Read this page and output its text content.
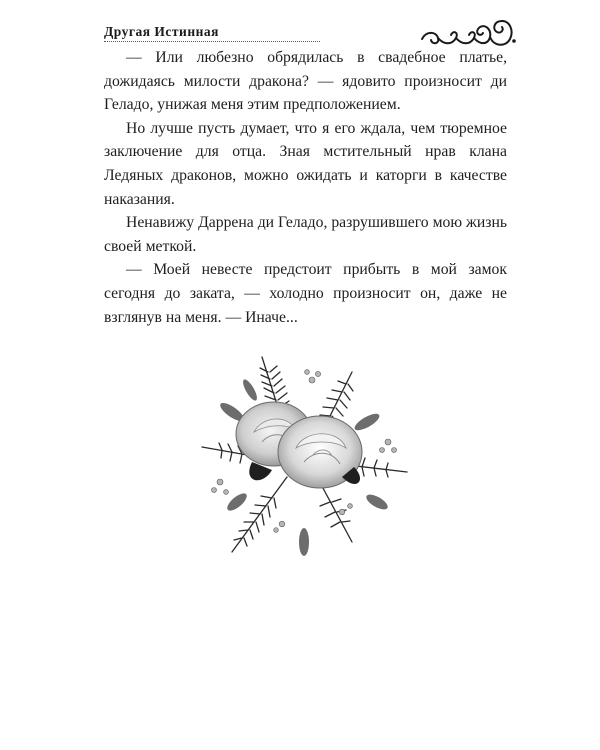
Другая Истинная

— Или любезно обрядилась в свадебное платье, дожидаясь милости дракона? — ядовито произносит ди Геладо, унижая меня этим предположением.

Но лучше пусть думает, что я его ждала, чем тюремное заключение для отца. Зная мстительный нрав клана Ледяных драконов, можно ожидать и каторги в качестве наказания.

Ненавижу Даррена ди Геладо, разрушившего мою жизнь своей меткой.

— Моей невесте предстоит прибыть в мой замок сегодня до заката, — холодно произносит он, даже не взглянув на меня. — Иначе...
